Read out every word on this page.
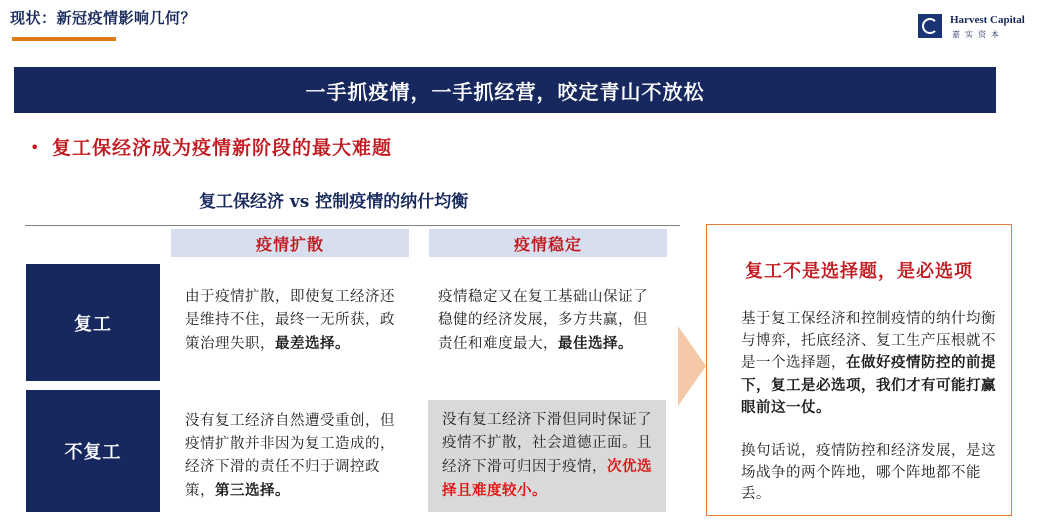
现状：新冠疫情影响几何？	Harvest Capital
嘉实资本
一手抓疫情，一手抓经营，咬定青山不放松
• 复工保经济成为疫情新阶段的最大难题
复工保经济 vs 控制疫情的纳什均衡
疫情扩散	疫情稳定
复工
不复工
由于疫情扩散，即使复工经济还是维持不住，最终一无所获，政策治理失职，最差选择。
疫情稳定又在复工基础山保证了稳健的经济发展，多方共赢，但责任和难度最大，最佳选择。
没有复工经济自然遭受重创，但疫情扩散并非因为复工造成的，经济下滑的责任不归于调控政策，第三选择。
没有复工经济下滑但同时保证了疫情不扩散，社会道德正面。且经济下滑可归因于疫情，次优选择且难度较小。
复工不是选择题，是必选项
基于复工保经济和控制疫情的纳什均衡与博弈，托底经济、复工生产压根就不是一个选择题，在做好疫情防控的前提下，复工是必选项，我们才有可能打赢眼前这一仗。
换句话说，疫情防控和经济发展，是这场战争的两个阵地，哪个阵地都不能丢。
